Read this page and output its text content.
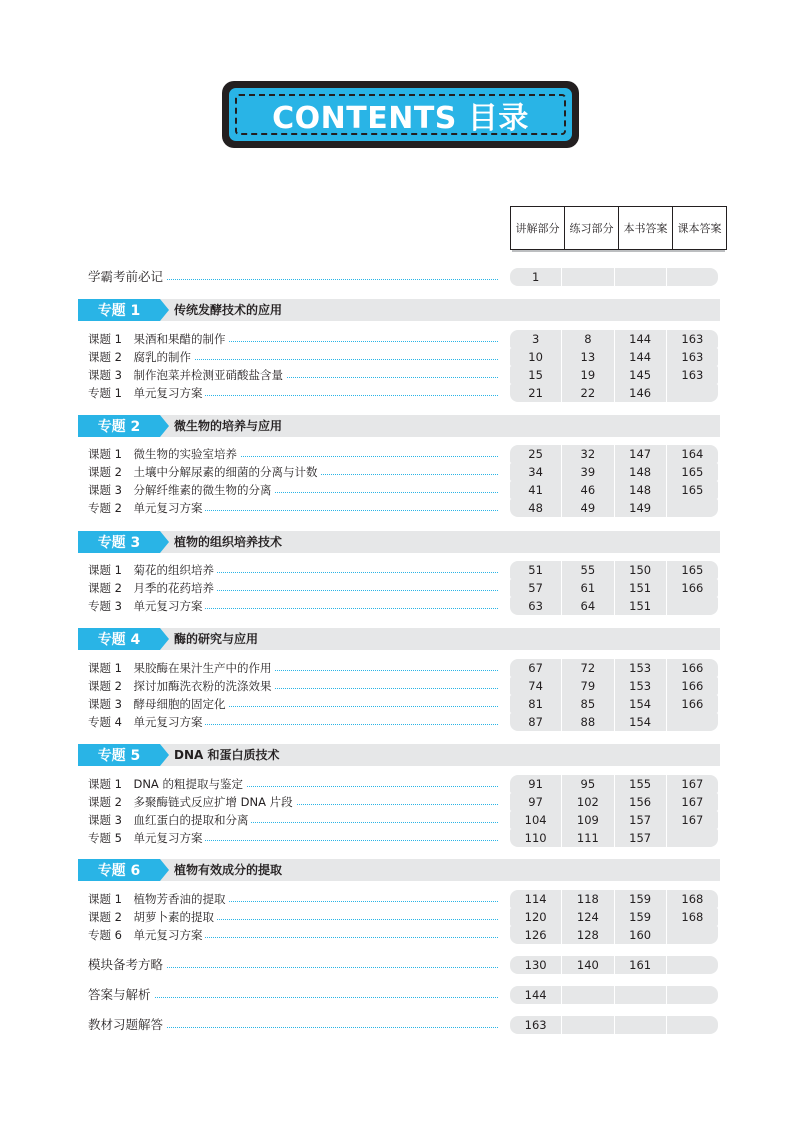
CONTENTS 目录
讲解部分 练习部分 本书答案 课本答案
学霸考前必记	1
专题 1	传统发酵技术的应用
课题 1　果酒和果醋的制作	3	8	144	163
课题 2　腐乳的制作	10	13	144	163
课题 3　制作泡菜并检测亚硝酸盐含量	15	19	145	163
专题 1　单元复习方案	21	22	146
专题 2	微生物的培养与应用
课题 1　微生物的实验室培养	25	32	147	164
课题 2　土壤中分解尿素的细菌的分离与计数	34	39	148	165
课题 3　分解纤维素的微生物的分离	41	46	148	165
专题 2　单元复习方案	48	49	149
专题 3	植物的组织培养技术
课题 1　菊花的组织培养	51	55	150	165
课题 2　月季的花药培养	57	61	151	166
专题 3　单元复习方案	63	64	151
专题 4	酶的研究与应用
课题 1　果胶酶在果汁生产中的作用	67	72	153	166
课题 2　探讨加酶洗衣粉的洗涤效果	74	79	153	166
课题 3　酵母细胞的固定化	81	85	154	166
专题 4　单元复习方案	87	88	154
专题 5	DNA 和蛋白质技术
课题 1　DNA 的粗提取与鉴定	91	95	155	167
课题 2　多聚酶链式反应扩增 DNA 片段	97	102	156	167
课题 3　血红蛋白的提取和分离	104	109	157	167
专题 5　单元复习方案	110	111	157
专题 6	植物有效成分的提取
课题 1　植物芳香油的提取	114	118	159	168
课题 2　胡萝卜素的提取	120	124	159	168
专题 6　单元复习方案	126	128	160
模块备考方略	130	140	161
答案与解析	144
教材习题解答	163
